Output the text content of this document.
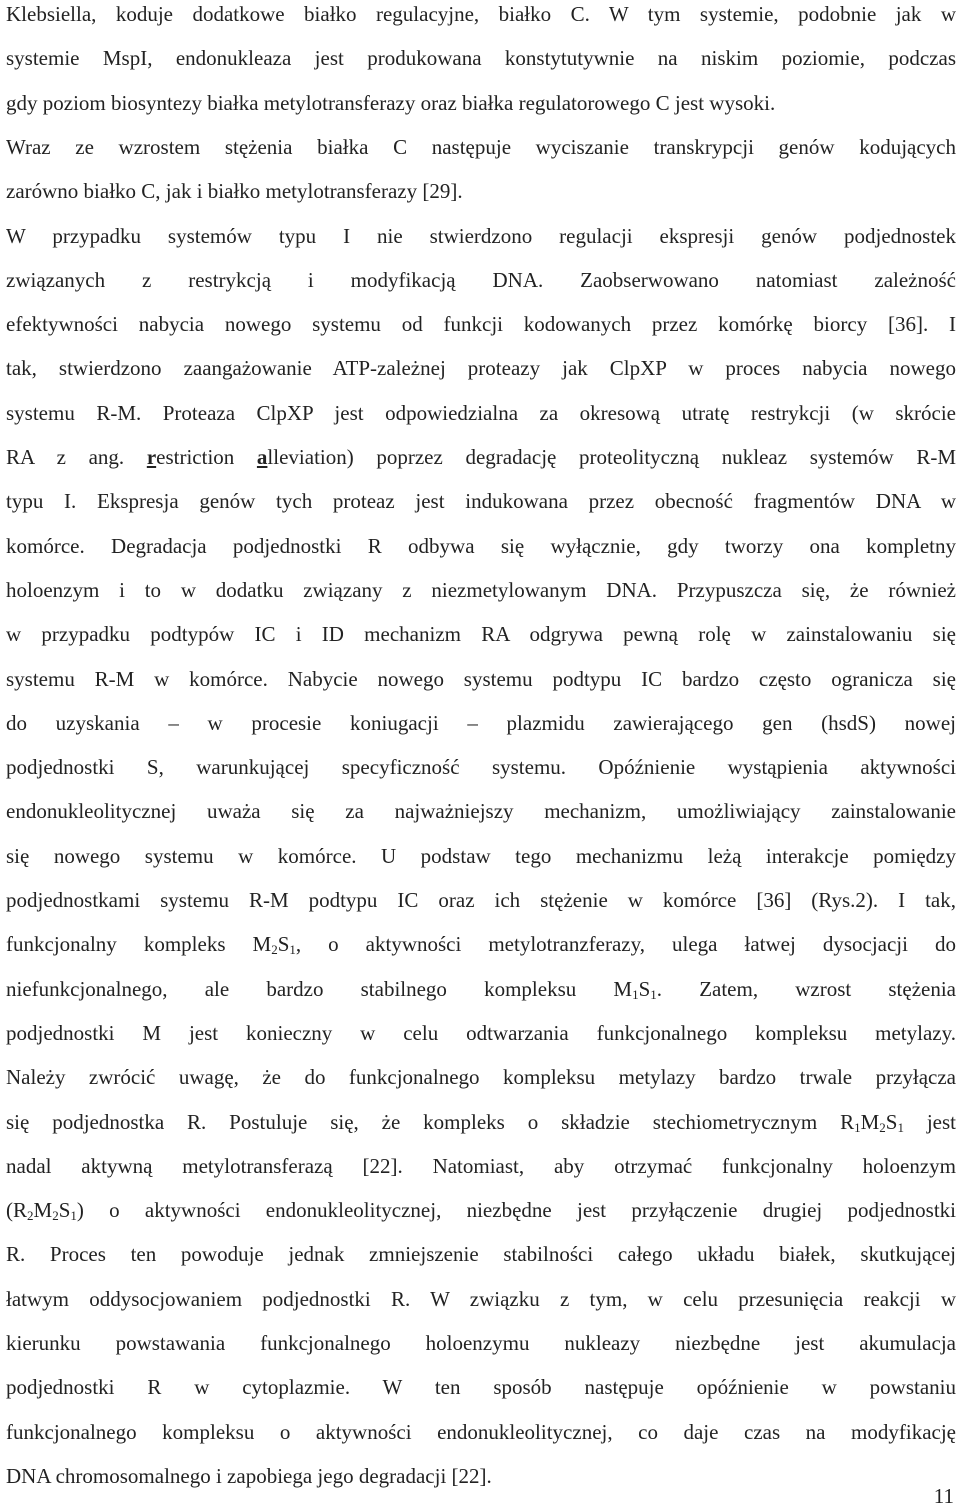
Klebsiella, koduje dodatkowe białko regulacyjne, białko C. W tym systemie, podobnie jak w
systemie MspI, endonukleaza jest produkowana konstytutywnie na niskim poziomie, podczas
gdy poziom biosyntezy białka metylotransferazy oraz białka regulatorowego C jest wysoki.
Wraz ze wzrostem stężenia białka C następuje wyciszanie transkrypcji genów kodujących
zarówno białko C, jak i białko metylotransferazy [29].
W przypadku systemów typu I nie stwierdzono regulacji ekspresji genów podjednostek
związanych z restrykcją i modyfikacją DNA. Zaobserwowano natomiast zależność
efektywności nabycia nowego systemu od funkcji kodowanych przez komórkę biorcy [36]. I
tak, stwierdzono zaangażowanie ATP-zależnej proteazy jak ClpXP w proces nabycia nowego
systemu R-M. Proteaza ClpXP jest odpowiedzialna za okresową utratę restrykcji (w skrócie
RA z ang. restriction alleviation) poprzez degradację proteolityczną nukleaz systemów R-M
typu I. Ekspresja genów tych proteaz jest indukowana przez obecność fragmentów DNA w
komórce. Degradacja podjednostki R odbywa się wyłącznie, gdy tworzy ona kompletny
holoenzym i to w dodatku związany z niezmetylowanym DNA. Przypuszcza się, że również
w przypadku podtypów IC i ID mechanizm RA odgrywa pewną rolę w zainstalowaniu się
systemu R-M w komórce. Nabycie nowego systemu podtypu IC bardzo często ogranicza się
do uzyskania – w procesie koniugacji – plazmidu zawierającego gen (hsdS) nowej
podjednostki S, warunkującej specyficzność systemu. Opóźnienie wystąpienia aktywności
endonukleolitycznej uważa się za najważniejszy mechanizm, umożliwiający zainstalowanie
się nowego systemu w komórce. U podstaw tego mechanizmu leżą interakcje pomiędzy
podjednostkami systemu R-M podtypu IC oraz ich stężenie w komórce [36] (Rys.2). I tak,
funkcjonalny kompleks $M_2S_1$, o aktywności metylotranzferazy, ulega łatwej dysocjacji do
niefunkcjonalnego, ale bardzo stabilnego kompleksu $M_1S_1$. Zatem, wzrost stężenia
podjednostki M jest konieczny w celu odtwarzania funkcjonalnego kompleksu metylazy.
Należy zwrócić uwagę, że do funkcjonalnego kompleksu metylazy bardzo trwale przyłącza
się podjednostka R. Postuluje się, że kompleks o składzie stechiometrycznym $R_1M_2S_1$ jest
nadal aktywną metylotransferazą [22]. Natomiast, aby otrzymać funkcjonalny holoenzym
$(R_2M_2S_1)$ o aktywności endonukleolitycznej, niezbędne jest przyłączenie drugiej podjednostki
R. Proces ten powoduje jednak zmniejszenie stabilności całego układu białek, skutkującej
łatwym oddysocjowaniem podjednostki R. W związku z tym, w celu przesunięcia reakcji w
kierunku powstawania funkcjonalnego holoenzymu nukleazy niezbędne jest akumulacja
podjednostki R w cytoplazmie. W ten sposób następuje opóźnienie w powstaniu
funkcjonalnego kompleksu o aktywności endonukleolitycznej, co daje czas na modyfikację
DNA chromosomalnego i zapobiega jego degradacji [22].
11
